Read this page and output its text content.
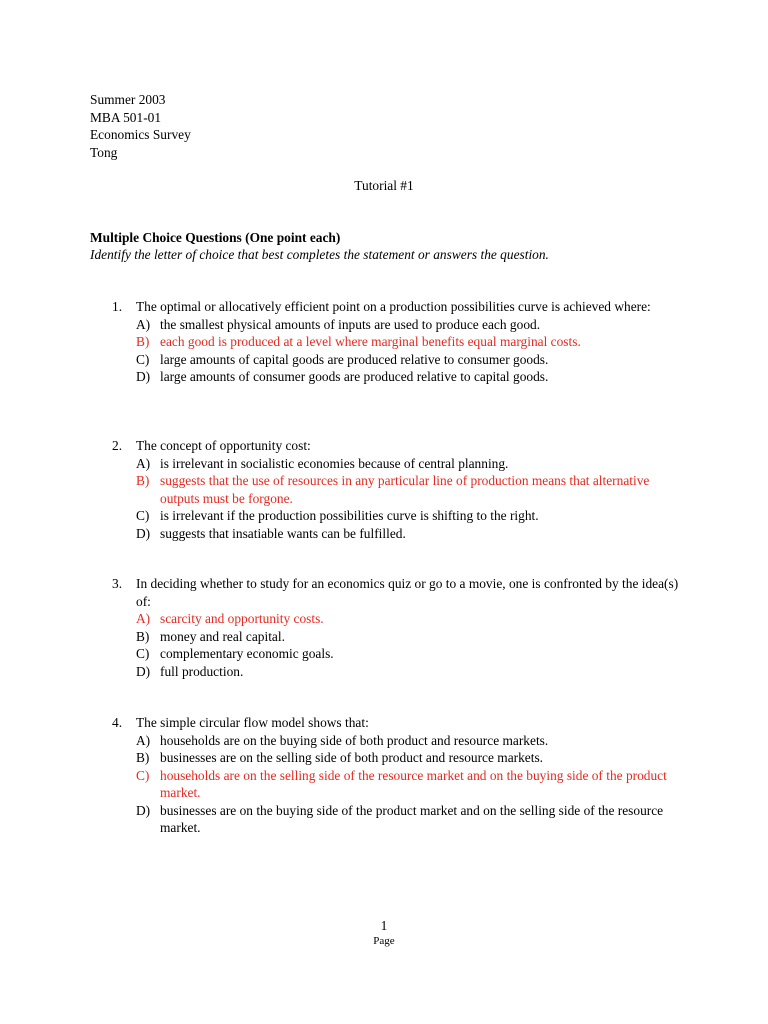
Summer 2003
MBA 501-01
Economics Survey
Tong
Tutorial #1
Multiple Choice Questions (One point each)
Identify the letter of choice that best completes the statement or answers the question.
1. The optimal or allocatively efficient point on a production possibilities curve is achieved where:
A) the smallest physical amounts of inputs are used to produce each good.
B) each good is produced at a level where marginal benefits equal marginal costs.
C) large amounts of capital goods are produced relative to consumer goods.
D) large amounts of consumer goods are produced relative to capital goods.
2. The concept of opportunity cost:
A) is irrelevant in socialistic economies because of central planning.
B) suggests that the use of resources in any particular line of production means that alternative outputs must be forgone.
C) is irrelevant if the production possibilities curve is shifting to the right.
D) suggests that insatiable wants can be fulfilled.
3. In deciding whether to study for an economics quiz or go to a movie, one is confronted by the idea(s) of:
A) scarcity and opportunity costs.
B) money and real capital.
C) complementary economic goals.
D) full production.
4. The simple circular flow model shows that:
A) households are on the buying side of both product and resource markets.
B) businesses are on the selling side of both product and resource markets.
C) households are on the selling side of the resource market and on the buying side of the product market.
D) businesses are on the buying side of the product market and on the selling side of the resource market.
1
Page
